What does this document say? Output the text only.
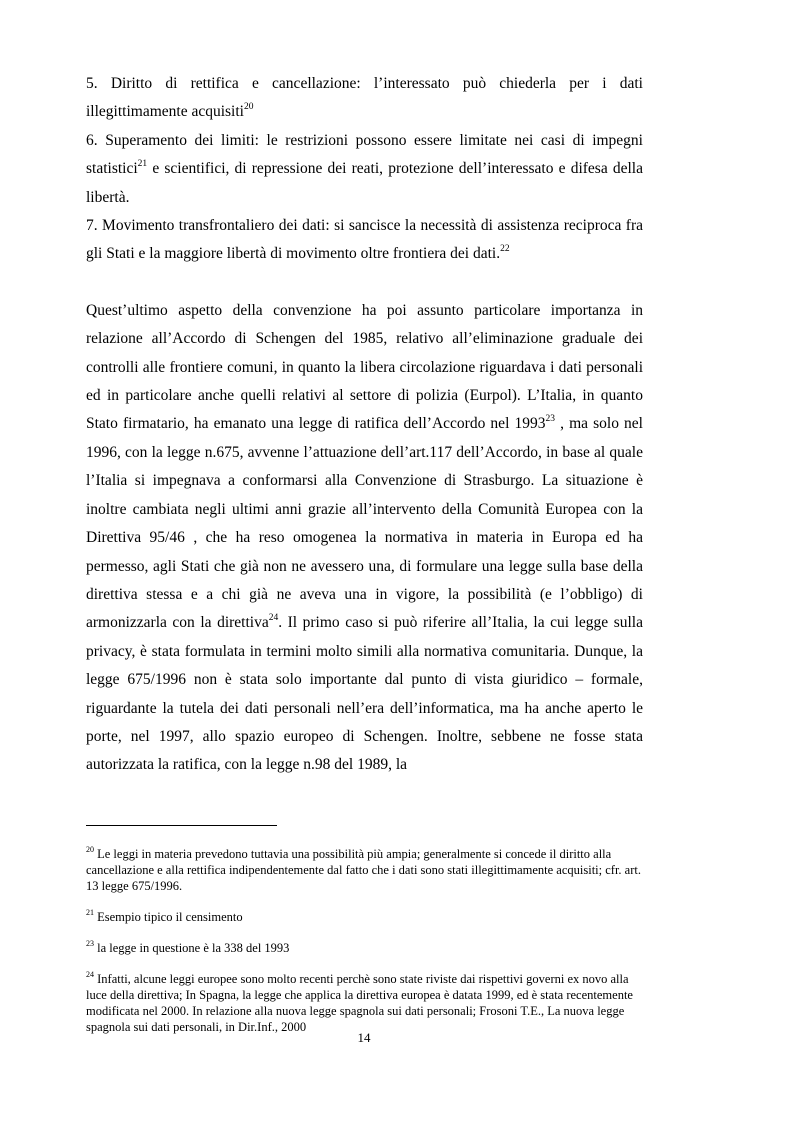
5. Diritto di rettifica e cancellazione: l’interessato può chiederla per i dati illegittimamente acquisiti$^{20}$

6. Superamento dei limiti: le restrizioni possono essere limitate nei casi di impegni statistici$^{21}$ e scientifici, di repressione dei reati, protezione dell’interessato e difesa della libertà.

7. Movimento transfrontaliero dei dati: si sancisce la necessità di assistenza reciproca fra gli Stati e la maggiore libertà di movimento oltre frontiera dei dati.$^{22}$

Quest’ultimo aspetto della convenzione ha poi assunto particolare importanza in relazione all’Accordo di Schengen del 1985, relativo all’eliminazione graduale dei controlli alle frontiere comuni, in quanto la libera circolazione riguardava i dati personali ed in particolare anche quelli relativi al settore di polizia (Eurpol). L’Italia, in quanto Stato firmatario, ha emanato una legge di ratifica dell’Accordo nel 1993$^{23}$ , ma solo nel 1996, con la legge n.675, avvenne l’attuazione dell’art.117 dell’Accordo, in base al quale l’Italia si impegnava a conformarsi alla Convenzione di Strasburgo. La situazione è inoltre cambiata negli ultimi anni grazie all’intervento della Comunità Europea con la Direttiva 95/46 , che ha reso omogenea la normativa in materia in Europa ed ha permesso, agli Stati che già non ne avessero una, di formulare una legge sulla base della direttiva stessa e a chi già ne aveva una in vigore, la possibilità (e l’obbligo) di armonizzarla con la direttiva$^{24}$. Il primo caso si può riferire all’Italia, la cui legge sulla privacy, è stata formulata in termini molto simili alla normativa comunitaria. Dunque, la legge 675/1996 non è stata solo importante dal punto di vista giuridico – formale, riguardante la tutela dei dati personali nell’era dell’informatica, ma ha anche aperto le porte, nel 1997, allo spazio europeo di Schengen. Inoltre, sebbene ne fosse stata autorizzata la ratifica, con la legge n.98 del 1989, la

$^{20}$ Le leggi in materia prevedono tuttavia una possibilità più ampia; generalmente si concede il diritto alla cancellazione e alla rettifica indipendentemente dal fatto che i dati sono stati illegittimamente acquisiti; cfr. art. 13 legge 675/1996.

$^{21}$ Esempio tipico il censimento

$^{23}$ la legge in questione è la 338 del 1993

$^{24}$ Infatti, alcune leggi europee sono molto recenti perchè sono state riviste dai rispettivi governi ex novo alla luce della direttiva; In Spagna, la legge che applica la direttiva europea è datata 1999, ed è stata recentemente modificata nel 2000. In relazione alla nuova legge spagnola sui dati personali; Frosoni T.E., La nuova legge spagnola sui dati personali, in Dir.Inf., 2000

14
